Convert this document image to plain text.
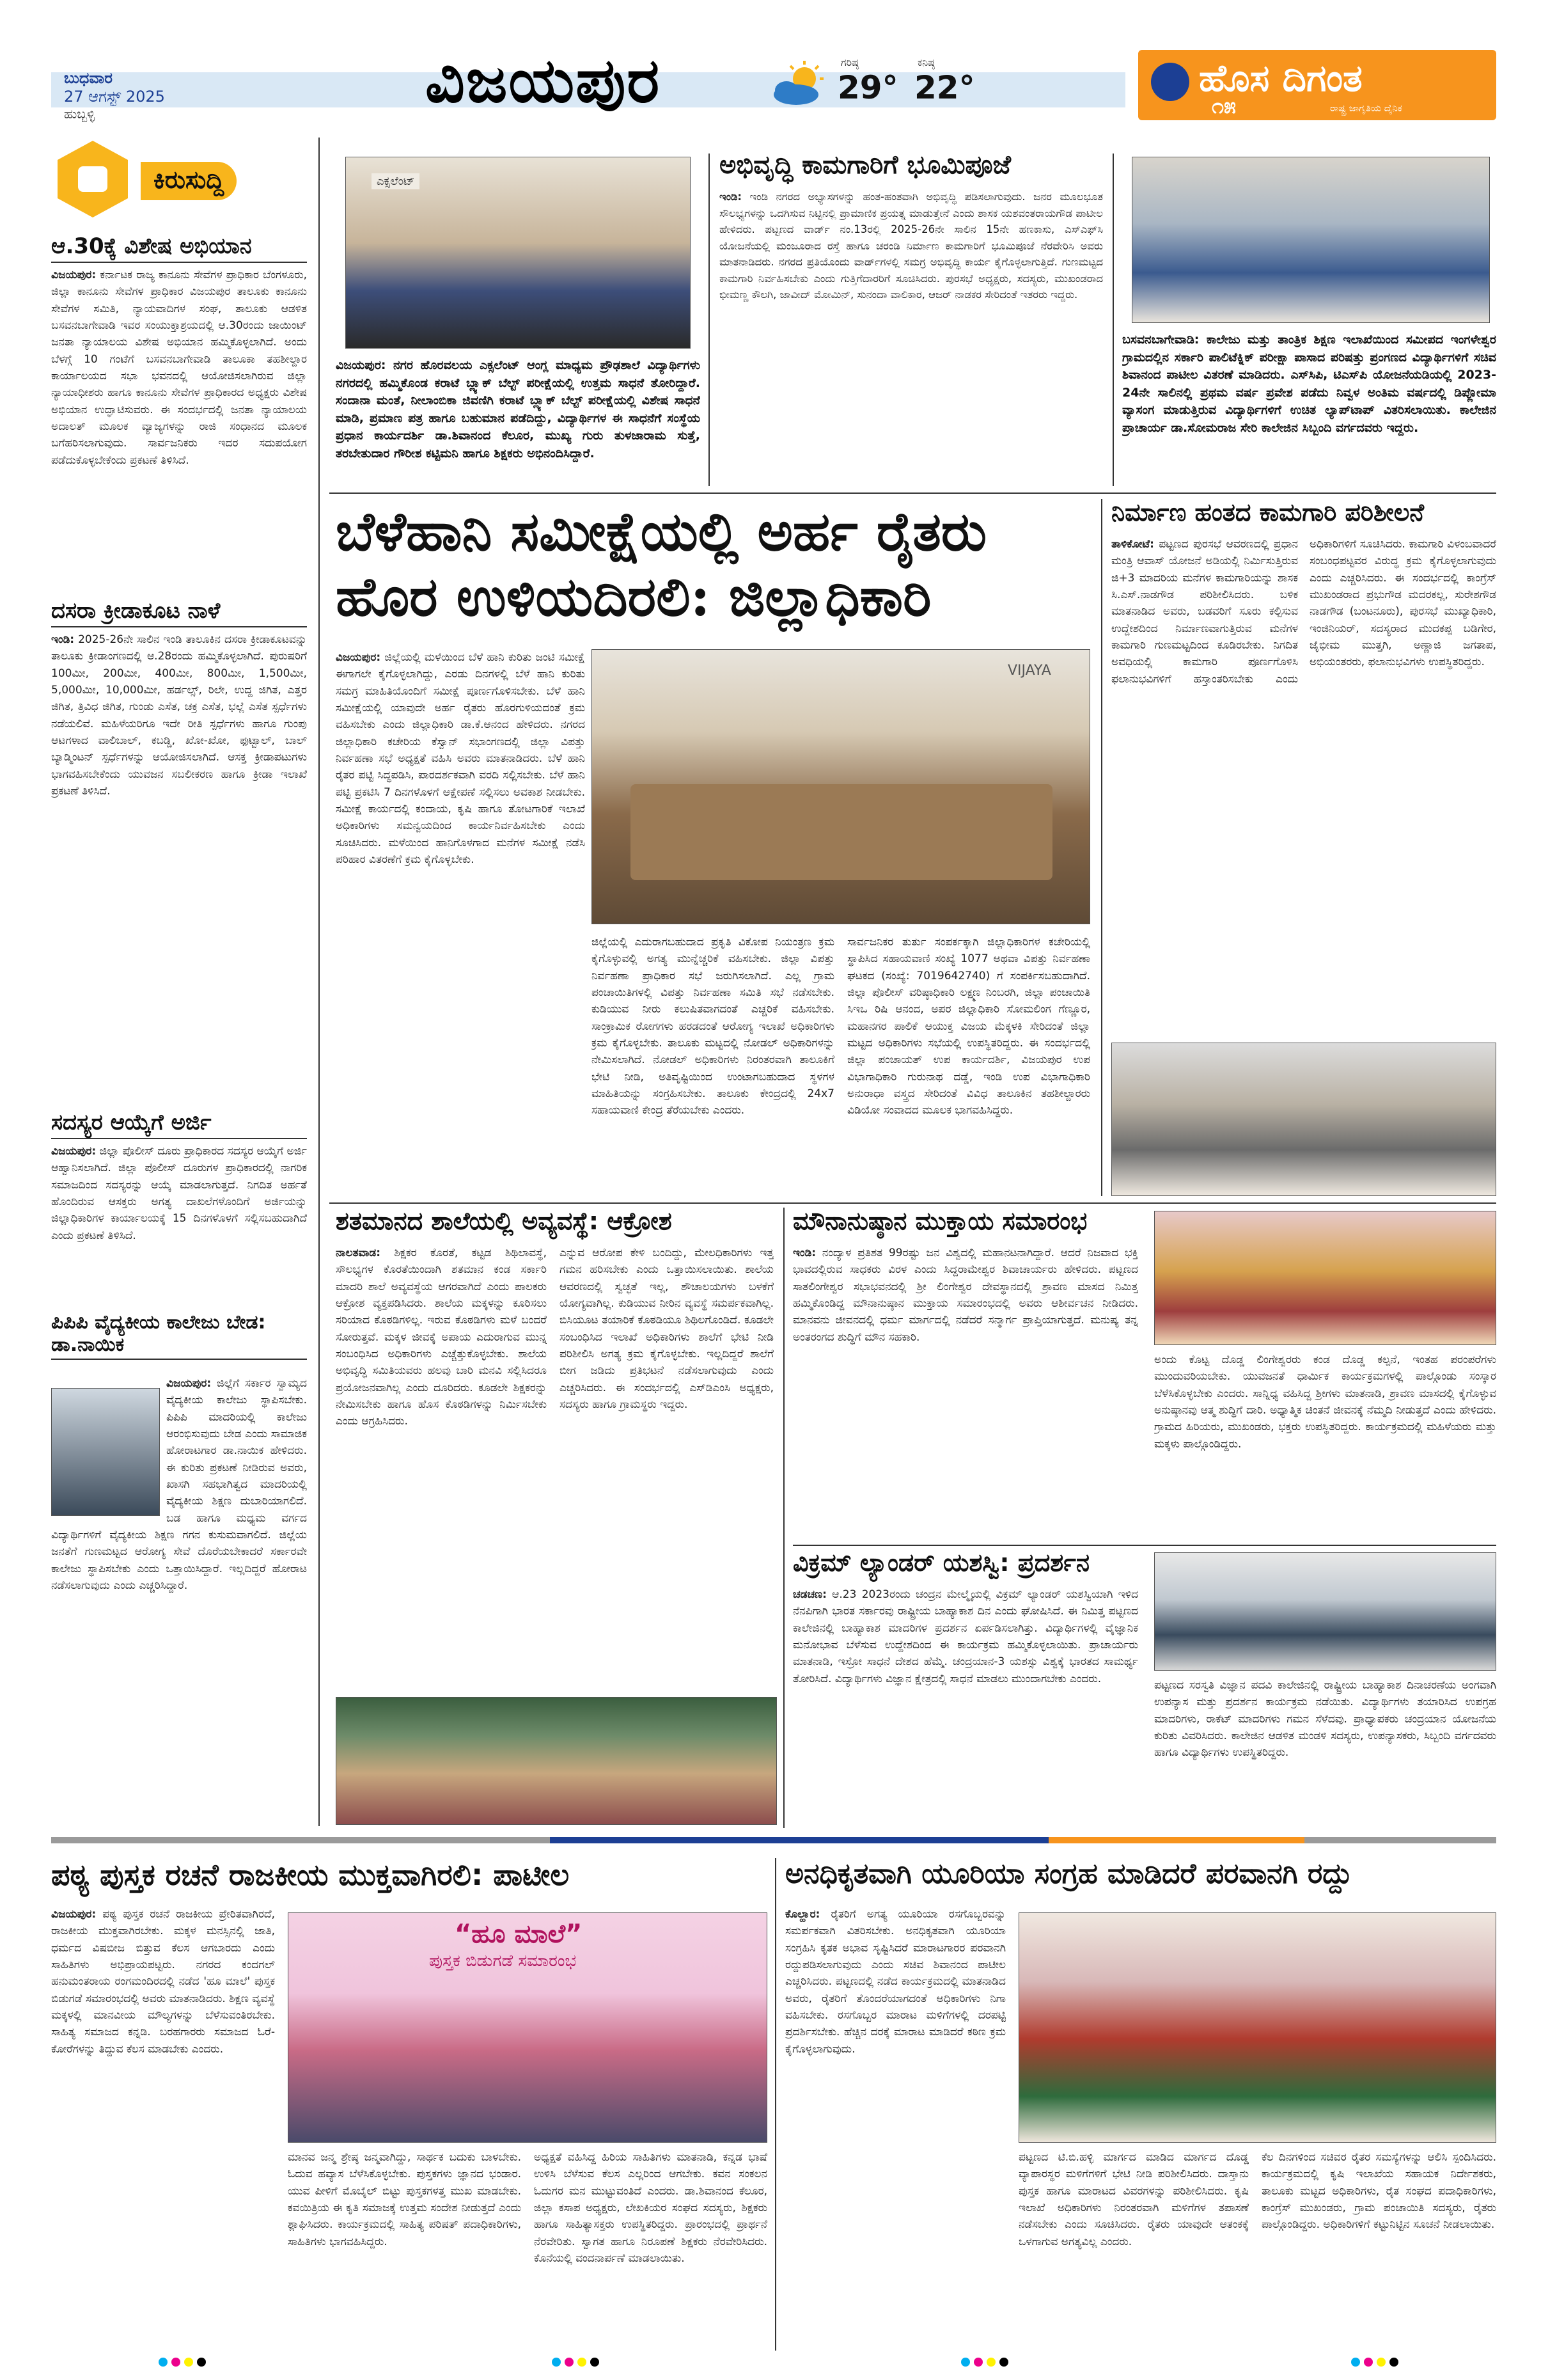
ಬುಧವಾರ
27 ಆಗಸ್ಟ್ 2025
ಹುಬ್ಬಳ್ಳಿ	ವಿಜಯಪುರ	ಗರಿಷ್ಠ
29°
ಕನಿಷ್ಠ
22°	ಹೊಸ ದಿಗಂತ
ರಾಷ್ಟ್ರ ಜಾಗೃತಿಯ ದೈನಿಕ
೧೫
ಕಿರುಸುದ್ದಿ
ಆ.30ಕ್ಕೆ ವಿಶೇಷ ಅಭಿಯಾನ
ವಿಜಯಪುರ: ಕರ್ನಾಟಕ ರಾಜ್ಯ ಕಾನೂನು ಸೇವೆಗಳ ಪ್ರಾಧಿಕಾರ ಬೆಂಗಳೂರು, ಜಿಲ್ಲಾ ಕಾನೂನು ಸೇವೆಗಳ ಪ್ರಾಧಿಕಾರ ವಿಜಯಪುರ ತಾಲೂಕು ಕಾನೂನು ಸೇವೆಗಳ ಸಮಿತಿ, ನ್ಯಾಯವಾದಿಗಳ ಸಂಘ, ತಾಲೂಕು ಆಡಳಿತ ಬಸವನಬಾಗೇವಾಡಿ ಇವರ ಸಂಯುಕ್ತಾಶ್ರಯದಲ್ಲಿ ಆ.30ರಂದು ಜಾಯಿಂಟ್ ಜನತಾ ನ್ಯಾಯಾಲಯ ವಿಶೇಷ ಅಭಿಯಾನ ಹಮ್ಮಿಕೊಳ್ಳಲಾಗಿದೆ. ಅಂದು ಬೆಳಗ್ಗೆ 10 ಗಂಟೆಗೆ ಬಸವನಬಾಗೇವಾಡಿ ತಾಲೂಕಾ ತಹಶೀಲ್ದಾರ ಕಾರ್ಯಾಲಯದ ಸಭಾ ಭವನದಲ್ಲಿ ಆಯೋಜಿಸಲಾಗಿರುವ ಜಿಲ್ಲಾ ನ್ಯಾಯಾಧೀಶರು ಹಾಗೂ ಕಾನೂನು ಸೇವೆಗಳ ಪ್ರಾಧಿಕಾರದ ಅಧ್ಯಕ್ಷರು ವಿಶೇಷ ಅಭಿಯಾನ ಉದ್ಘಾಟಿಸುವರು. ಈ ಸಂದರ್ಭದಲ್ಲಿ ಜನತಾ ನ್ಯಾಯಾಲಯ ಅದಾಲತ್ ಮೂಲಕ ವ್ಯಾಜ್ಯಗಳನ್ನು ರಾಜಿ ಸಂಧಾನದ ಮೂಲಕ ಬಗೆಹರಿಸಲಾಗುವುದು. ಸಾರ್ವಜನಿಕರು ಇದರ ಸದುಪಯೋಗ ಪಡೆದುಕೊಳ್ಳಬೇಕೆಂದು ಪ್ರಕಟಣೆ ತಿಳಿಸಿದೆ.
ದಸರಾ ಕ್ರೀಡಾಕೂಟ ನಾಳೆ
ಇಂಡಿ: 2025-26ನೇ ಸಾಲಿನ ಇಂಡಿ ತಾಲೂಕಿನ ದಸರಾ ಕ್ರೀಡಾಕೂಟವನ್ನು ತಾಲೂಕು ಕ್ರೀಡಾಂಗಣದಲ್ಲಿ ಆ.28ರಂದು ಹಮ್ಮಿಕೊಳ್ಳಲಾಗಿದೆ. ಪುರುಷರಿಗೆ 100ಮೀ, 200ಮೀ, 400ಮೀ, 800ಮೀ, 1,500ಮೀ, 5,000ಮೀ, 10,000ಮೀ, ಹರ್ಡಲ್ಸ್, ರಿಲೇ, ಉದ್ದ ಜಿಗಿತ, ಎತ್ತರ ಜಿಗಿತ, ತ್ರಿವಿಧ ಜಿಗಿತ, ಗುಂಡು ಎಸೆತ, ಚಕ್ರ ಎಸೆತ, ಭಲ್ಲೆ ಎಸೆತ ಸ್ಪರ್ಧೆಗಳು ನಡೆಯಲಿವೆ. ಮಹಿಳೆಯರಿಗೂ ಇದೇ ರೀತಿ ಸ್ಪರ್ಧೆಗಳು ಹಾಗೂ ಗುಂಪು ಆಟಗಳಾದ ವಾಲಿಬಾಲ್, ಕಬಡ್ಡಿ, ಖೋ-ಖೋ, ಫುಟ್ಬಾಲ್, ಬಾಲ್ ಬ್ಯಾಡ್ಮಿಂಟನ್ ಸ್ಪರ್ಧೆಗಳನ್ನು ಆಯೋಜಿಸಲಾಗಿದೆ. ಆಸಕ್ತ ಕ್ರೀಡಾಪಟುಗಳು ಭಾಗವಹಿಸಬೇಕೆಂದು ಯುವಜನ ಸಬಲೀಕರಣ ಹಾಗೂ ಕ್ರೀಡಾ ಇಲಾಖೆ ಪ್ರಕಟಣೆ ತಿಳಿಸಿದೆ.
ಸದಸ್ಯರ ಆಯ್ಕೆಗೆ ಅರ್ಜಿ
ವಿಜಯಪುರ: ಜಿಲ್ಲಾ ಪೊಲೀಸ್ ದೂರು ಪ್ರಾಧಿಕಾರದ ಸದಸ್ಯರ ಆಯ್ಕೆಗೆ ಅರ್ಜಿ ಆಹ್ವಾನಿಸಲಾಗಿದೆ. ಜಿಲ್ಲಾ ಪೊಲೀಸ್ ದೂರುಗಳ ಪ್ರಾಧಿಕಾರದಲ್ಲಿ ನಾಗರಿಕ ಸಮಾಜದಿಂದ ಸದಸ್ಯರನ್ನು ಆಯ್ಕೆ ಮಾಡಲಾಗುತ್ತದೆ. ನಿಗದಿತ ಅರ್ಹತೆ ಹೊಂದಿರುವ ಆಸಕ್ತರು ಅಗತ್ಯ ದಾಖಲೆಗಳೊಂದಿಗೆ ಅರ್ಜಿಯನ್ನು ಜಿಲ್ಲಾಧಿಕಾರಿಗಳ ಕಾರ್ಯಾಲಯಕ್ಕೆ 15 ದಿನಗಳೊಳಗೆ ಸಲ್ಲಿಸಬಹುದಾಗಿದೆ ಎಂದು ಪ್ರಕಟಣೆ ತಿಳಿಸಿದೆ.
ಪಿಪಿಪಿ ವೈದ್ಯಕೀಯ ಕಾಲೇಜು ಬೇಡ: ಡಾ.ನಾಯಿಕ
ವಿಜಯಪುರ: ಜಿಲ್ಲೆಗೆ ಸರ್ಕಾರ ಸ್ವಾಮ್ಯದ ವೈದ್ಯಕೀಯ ಕಾಲೇಜು ಸ್ಥಾಪಿಸಬೇಕು. ಪಿಪಿಪಿ ಮಾದರಿಯಲ್ಲಿ ಕಾಲೇಜು ಆರಂಭಿಸುವುದು ಬೇಡ ಎಂದು ಸಾಮಾಜಿಕ ಹೋರಾಟಗಾರ ಡಾ.ನಾಯಿಕ ಹೇಳಿದರು. ಈ ಕುರಿತು ಪ್ರಕಟಣೆ ನೀಡಿರುವ ಅವರು, ಖಾಸಗಿ ಸಹಭಾಗಿತ್ವದ ಮಾದರಿಯಲ್ಲಿ ವೈದ್ಯಕೀಯ ಶಿಕ್ಷಣ ದುಬಾರಿಯಾಗಲಿದೆ. ಬಡ ಹಾಗೂ ಮಧ್ಯಮ ವರ್ಗದ ವಿದ್ಯಾರ್ಥಿಗಳಿಗೆ ವೈದ್ಯಕೀಯ ಶಿಕ್ಷಣ ಗಗನ ಕುಸುಮವಾಗಲಿದೆ. ಜಿಲ್ಲೆಯ ಜನತೆಗೆ ಗುಣಮಟ್ಟದ ಆರೋಗ್ಯ ಸೇವೆ ದೊರೆಯಬೇಕಾದರೆ ಸರ್ಕಾರವೇ ಕಾಲೇಜು ಸ್ಥಾಪಿಸಬೇಕು ಎಂದು ಒತ್ತಾಯಿಸಿದ್ದಾರೆ. ಇಲ್ಲದಿದ್ದರೆ ಹೋರಾಟ ನಡೆಸಲಾಗುವುದು ಎಂದು ಎಚ್ಚರಿಸಿದ್ದಾರೆ.
ಎಕ್ಸಲೆಂಟ್
ವಿಜಯಪುರ: ನಗರ ಹೊರವಲಯ ಎಕ್ಸಲೆಂಟ್ ಆಂಗ್ಲ ಮಾಧ್ಯಮ ಪ್ರೌಢಶಾಲೆ ವಿದ್ಯಾರ್ಥಿಗಳು ನಗರದಲ್ಲಿ ಹಮ್ಮಿಕೊಂಡ ಕರಾಟೆ ಬ್ಲ್ಯಾಕ್ ಬೆಲ್ಟ್ ಪರೀಕ್ಷೆಯಲ್ಲಿ ಉತ್ತಮ ಸಾಧನೆ ತೋರಿದ್ದಾರೆ. ಸಂದಾನಾ ಮಂತೆ, ನೀಲಾಂಬಿಕಾ ಜಿವಣಿಗಿ ಕರಾಟೆ ಬ್ಲ್ಯಾಕ್ ಬೆಲ್ಟ್ ಪರೀಕ್ಷೆಯಲ್ಲಿ ವಿಶೇಷ ಸಾಧನೆ ಮಾಡಿ, ಪ್ರಮಾಣ ಪತ್ರ ಹಾಗೂ ಬಹುಮಾನ ಪಡೆದಿದ್ದು, ವಿದ್ಯಾರ್ಥಿಗಳ ಈ ಸಾಧನೆಗೆ ಸಂಸ್ಥೆಯ ಪ್ರಧಾನ ಕಾರ್ಯದರ್ಶಿ ಡಾ.ಶಿವಾನಂದ ಕೆಲೂರ, ಮುಖ್ಯ ಗುರು ತುಳಜಾರಾಮ ಸುತ್ತೆ, ತರಬೇತುದಾರ ಗೌರೀಶ ಕಟ್ಟಿಮನಿ ಹಾಗೂ ಶಿಕ್ಷಕರು ಅಭಿನಂದಿಸಿದ್ದಾರೆ.
ಅಭಿವೃದ್ಧಿ ಕಾಮಗಾರಿಗೆ ಭೂಮಿಪೂಜೆ
ಇಂಡಿ: ಇಂಡಿ ನಗರದ ಅಭ್ಯಾಸಗಳನ್ನು ಹಂತ-ಹಂತವಾಗಿ ಅಭಿವೃದ್ಧಿ ಪಡಿಸಲಾಗುವುದು. ಜನರ ಮೂಲಭೂತ ಸೌಲಭ್ಯಗಳನ್ನು ಒದಗಿಸುವ ನಿಟ್ಟಿನಲ್ಲಿ ಪ್ರಾಮಾಣಿಕ ಪ್ರಯತ್ನ ಮಾಡುತ್ತೇನೆ ಎಂದು ಶಾಸಕ ಯಶವಂತರಾಯಗೌಡ ಪಾಟೀಲ ಹೇಳಿದರು. ಪಟ್ಟಣದ ವಾರ್ಡ್ ನಂ.13ರಲ್ಲಿ 2025-26ನೇ ಸಾಲಿನ 15ನೇ ಹಣಕಾಸು, ಎಸ್‌ಎಫ್‌ಸಿ ಯೋಜನೆಯಲ್ಲಿ ಮಂಜೂರಾದ ರಸ್ತೆ ಹಾಗೂ ಚರಂಡಿ ನಿರ್ಮಾಣ ಕಾಮಗಾರಿಗೆ ಭೂಮಿಪೂಜೆ ನೆರವೇರಿಸಿ ಅವರು ಮಾತನಾಡಿದರು. ನಗರದ ಪ್ರತಿಯೊಂದು ವಾರ್ಡ್‌ಗಳಲ್ಲಿ ಸಮಗ್ರ ಅಭಿವೃದ್ಧಿ ಕಾರ್ಯ ಕೈಗೊಳ್ಳಲಾಗುತ್ತಿದೆ. ಗುಣಮಟ್ಟದ ಕಾಮಗಾರಿ ನಿರ್ವಹಿಸಬೇಕು ಎಂದು ಗುತ್ತಿಗೆದಾರರಿಗೆ ಸೂಚಿಸಿದರು. ಪುರಸಭೆ ಅಧ್ಯಕ್ಷರು, ಸದಸ್ಯರು, ಮುಖಂಡರಾದ ಭೀಮಣ್ಣ ಕೌಲಗಿ, ಜಾವೀದ್ ಮೋಮಿನ್, ಸುನಂದಾ ವಾಲಿಕಾರ, ಆಜರ್ ನಾಡಕರ ಸೇರಿದಂತೆ ಇತರರು ಇದ್ದರು.
ಬಸವನಬಾಗೇವಾಡಿ: ಕಾಲೇಜು ಮತ್ತು ತಾಂತ್ರಿಕ ಶಿಕ್ಷಣ ಇಲಾಖೆಯಿಂದ ಸಮೀಪದ ಇಂಗಳೇಶ್ವರ ಗ್ರಾಮದಲ್ಲಿನ ಸರ್ಕಾರಿ ಪಾಲಿಟೆಕ್ನಿಕ್ ಪರೀಕ್ಷಾ ಪಾಸಾದ ಪರಿಷತ್ತು ಪ್ರಂಗಣದ ವಿದ್ಯಾರ್ಥಿಗಳಿಗೆ ಸಚಿವ ಶಿವಾನಂದ ಪಾಟೀಲ ವಿತರಣೆ ಮಾಡಿದರು. ಎಸ್‌ಸಿಪಿ, ಟಿಎಸ್‌ಪಿ ಯೋಜನೆಯಡಿಯಲ್ಲಿ 2023-24ನೇ ಸಾಲಿನಲ್ಲಿ ಪ್ರಥಮ ವರ್ಷ ಪ್ರವೇಶ ಪಡೆದು ನಿವ್ವಳ ಅಂತಿಮ ವರ್ಷದಲ್ಲಿ ಡಿಪ್ಲೋಮಾ ವ್ಯಾಸಂಗ ಮಾಡುತ್ತಿರುವ ವಿದ್ಯಾರ್ಥಿಗಳಿಗೆ ಉಚಿತ ಲ್ಯಾಪ್‌ಟಾಪ್ ವಿತರಿಸಲಾಯಿತು. ಕಾಲೇಜಿನ ಪ್ರಾಚಾರ್ಯ ಡಾ.ಸೋಮರಾಜ ಸೇರಿ ಕಾಲೇಜಿನ ಸಿಬ್ಬಂದಿ ವರ್ಗದವರು ಇದ್ದರು.
ಬೆಳೆಹಾನಿ ಸಮೀಕ್ಷೆಯಲ್ಲಿ ಅರ್ಹ ರೈತರು ಹೊರ ಉಳಿಯದಿರಲಿ: ಜಿಲ್ಲಾಧಿಕಾರಿ
ವಿಜಯಪುರ: ಜಿಲ್ಲೆಯಲ್ಲಿ ಮಳೆಯಿಂದ ಬೆಳೆ ಹಾನಿ ಕುರಿತು ಜಂಟಿ ಸಮೀಕ್ಷೆ ಈಗಾಗಲೇ ಕೈಗೊಳ್ಳಲಾಗಿದ್ದು, ಎರಡು ದಿನಗಳಲ್ಲಿ ಬೆಳೆ ಹಾನಿ ಕುರಿತು ಸಮಗ್ರ ಮಾಹಿತಿಯೊಂದಿಗೆ ಸಮೀಕ್ಷೆ ಪೂರ್ಣಗೊಳಿಸಬೇಕು. ಬೆಳೆ ಹಾನಿ ಸಮೀಕ್ಷೆಯಲ್ಲಿ ಯಾವುದೇ ಅರ್ಹ ರೈತರು ಹೊರಗುಳಿಯದಂತೆ ಕ್ರಮ ವಹಿಸಬೇಕು ಎಂದು ಜಿಲ್ಲಾಧಿಕಾರಿ ಡಾ.ಕೆ.ಆನಂದ ಹೇಳಿದರು. ನಗರದ ಜಿಲ್ಲಾಧಿಕಾರಿ ಕಚೇರಿಯ ಕೆಸ್ವಾನ್ ಸಭಾಂಗಣದಲ್ಲಿ ಜಿಲ್ಲಾ ವಿಪತ್ತು ನಿರ್ವಹಣಾ ಸಭೆ ಅಧ್ಯಕ್ಷತೆ ವಹಿಸಿ ಅವರು ಮಾತನಾಡಿದರು. ಬೆಳೆ ಹಾನಿ ರೈತರ ಪಟ್ಟಿ ಸಿದ್ಧಪಡಿಸಿ, ಪಾರದರ್ಶಕವಾಗಿ ವರದಿ ಸಲ್ಲಿಸಬೇಕು. ಬೆಳೆ ಹಾನಿ ಪಟ್ಟಿ ಪ್ರಕಟಿಸಿ 7 ದಿನಗಳೊಳಗೆ ಆಕ್ಷೇಪಣೆ ಸಲ್ಲಿಸಲು ಅವಕಾಶ ನೀಡಬೇಕು. ಸಮೀಕ್ಷೆ ಕಾರ್ಯದಲ್ಲಿ ಕಂದಾಯ, ಕೃಷಿ ಹಾಗೂ ತೋಟಗಾರಿಕೆ ಇಲಾಖೆ ಅಧಿಕಾರಿಗಳು ಸಮನ್ವಯದಿಂದ ಕಾರ್ಯನಿರ್ವಹಿಸಬೇಕು ಎಂದು ಸೂಚಿಸಿದರು. ಮಳೆಯಿಂದ ಹಾನಿಗೊಳಗಾದ ಮನೆಗಳ ಸಮೀಕ್ಷೆ ನಡೆಸಿ ಪರಿಹಾರ ವಿತರಣೆಗೆ ಕ್ರಮ ಕೈಗೊಳ್ಳಬೇಕು.
VIJAYA
ಜಿಲ್ಲೆಯಲ್ಲಿ ಎದುರಾಗಬಹುದಾದ ಪ್ರಕೃತಿ ವಿಕೋಪ ನಿಯಂತ್ರಣ ಕ್ರಮ ಕೈಗೊಳ್ಳುವಲ್ಲಿ ಅಗತ್ಯ ಮುನ್ನೆಚ್ಚರಿಕೆ ವಹಿಸಬೇಕು. ಜಿಲ್ಲಾ ವಿಪತ್ತು ನಿರ್ವಹಣಾ ಪ್ರಾಧಿಕಾರ ಸಭೆ ಜರುಗಿಸಲಾಗಿದೆ. ಎಲ್ಲ ಗ್ರಾಮ ಪಂಚಾಯಿತಿಗಳಲ್ಲಿ ವಿಪತ್ತು ನಿರ್ವಹಣಾ ಸಮಿತಿ ಸಭೆ ನಡೆಸಬೇಕು. ಕುಡಿಯುವ ನೀರು ಕಲುಷಿತವಾಗದಂತೆ ಎಚ್ಚರಿಕೆ ವಹಿಸಬೇಕು. ಸಾಂಕ್ರಾಮಿಕ ರೋಗಗಳು ಹರಡದಂತೆ ಆರೋಗ್ಯ ಇಲಾಖೆ ಅಧಿಕಾರಿಗಳು ಕ್ರಮ ಕೈಗೊಳ್ಳಬೇಕು. ತಾಲೂಕು ಮಟ್ಟದಲ್ಲಿ ನೋಡಲ್ ಅಧಿಕಾರಿಗಳನ್ನು ನೇಮಿಸಲಾಗಿದೆ. ನೋಡಲ್ ಅಧಿಕಾರಿಗಳು ನಿರಂತರವಾಗಿ ತಾಲೂಕಿಗೆ ಭೇಟಿ ನೀಡಿ, ಅತಿವೃಷ್ಟಿಯಿಂದ ಉಂಟಾಗಬಹುದಾದ ಸ್ಥಳಗಳ ಮಾಹಿತಿಯನ್ನು ಸಂಗ್ರಹಿಸಬೇಕು. ತಾಲೂಕು ಕೇಂದ್ರದಲ್ಲಿ 24x7 ಸಹಾಯವಾಣಿ ಕೇಂದ್ರ ತೆರೆಯಬೇಕು ಎಂದರು.
ಸಾರ್ವಜನಿಕರ ತುರ್ತು ಸಂಪರ್ಕಕ್ಕಾಗಿ ಜಿಲ್ಲಾಧಿಕಾರಿಗಳ ಕಚೇರಿಯಲ್ಲಿ ಸ್ಥಾಪಿಸಿದ ಸಹಾಯವಾಣಿ ಸಂಖ್ಯೆ 1077 ಅಥವಾ ವಿಪತ್ತು ನಿರ್ವಹಣಾ ಘಟಕದ (ಸಂಖ್ಯೆ: 7019642740) ಗೆ ಸಂಪರ್ಕಿಸಬಹುದಾಗಿದೆ. ಜಿಲ್ಲಾ ಪೊಲೀಸ್ ವರಿಷ್ಠಾಧಿಕಾರಿ ಲಕ್ಷ್ಮಣ ನಿಂಬರಗಿ, ಜಿಲ್ಲಾ ಪಂಚಾಯಿತಿ ಸಿಇಒ ರಿಷಿ ಆನಂದ, ಅಪರ ಜಿಲ್ಲಾಧಿಕಾರಿ ಸೋಮಲಿಂಗ ಗೆಣ್ಣೂರ, ಮಹಾನಗರ ಪಾಲಿಕೆ ಆಯುಕ್ತ ವಿಜಯ ಮೆಕ್ಕಳಕಿ ಸೇರಿದಂತೆ ಜಿಲ್ಲಾ ಮಟ್ಟದ ಅಧಿಕಾರಿಗಳು ಸಭೆಯಲ್ಲಿ ಉಪಸ್ಥಿತರಿದ್ದರು. ಈ ಸಂದರ್ಭದಲ್ಲಿ ಜಿಲ್ಲಾ ಪಂಚಾಯತ್ ಉಪ ಕಾರ್ಯದರ್ಶಿ, ವಿಜಯಪುರ ಉಪ ವಿಭಾಗಾಧಿಕಾರಿ ಗುರುನಾಥ ದಡ್ಡೆ, ಇಂಡಿ ಉಪ ವಿಭಾಗಾಧಿಕಾರಿ ಅನುರಾಧಾ ವಸ್ತ್ರದ ಸೇರಿದಂತೆ ವಿವಿಧ ತಾಲೂಕಿನ ತಹಶೀಲ್ದಾರರು ವಿಡಿಯೋ ಸಂವಾದದ ಮೂಲಕ ಭಾಗವಹಿಸಿದ್ದರು.
ನಿರ್ಮಾಣ ಹಂತದ ಕಾಮಗಾರಿ ಪರಿಶೀಲನೆ
ತಾಳಿಕೋಟೆ: ಪಟ್ಟಣದ ಪುರಸಭೆ ಆವರಣದಲ್ಲಿ ಪ್ರಧಾನ ಮಂತ್ರಿ ಆವಾಸ್ ಯೋಜನೆ ಅಡಿಯಲ್ಲಿ ನಿರ್ಮಿಸುತ್ತಿರುವ ಜಿ+3 ಮಾದರಿಯ ಮನೆಗಳ ಕಾಮಗಾರಿಯನ್ನು ಶಾಸಕ ಸಿ.ಎಸ್.ನಾಡಗೌಡ ಪರಿಶೀಲಿಸಿದರು. ಬಳಿಕ ಮಾತನಾಡಿದ ಅವರು, ಬಡವರಿಗೆ ಸೂರು ಕಲ್ಪಿಸುವ ಉದ್ದೇಶದಿಂದ ನಿರ್ಮಾಣವಾಗುತ್ತಿರುವ ಮನೆಗಳ ಕಾಮಗಾರಿ ಗುಣಮಟ್ಟದಿಂದ ಕೂಡಿರಬೇಕು. ನಿಗದಿತ ಅವಧಿಯಲ್ಲಿ ಕಾಮಗಾರಿ ಪೂರ್ಣಗೊಳಿಸಿ ಫಲಾನುಭವಿಗಳಿಗೆ ಹಸ್ತಾಂತರಿಸಬೇಕು ಎಂದು ಅಧಿಕಾರಿಗಳಿಗೆ ಸೂಚಿಸಿದರು. ಕಾಮಗಾರಿ ವಿಳಂಬವಾದರೆ ಸಂಬಂಧಪಟ್ಟವರ ವಿರುದ್ಧ ಕ್ರಮ ಕೈಗೊಳ್ಳಲಾಗುವುದು ಎಂದು ಎಚ್ಚರಿಸಿದರು. ಈ ಸಂದರ್ಭದಲ್ಲಿ ಕಾಂಗ್ರೆಸ್ ಮುಖಂಡರಾದ ಪ್ರಭುಗೌಡ ಮದರಕಲ್ಲ, ಸುರೇಶಗೌಡ ನಾಡಗೌಡ (ಬಂಟನೂರು), ಪುರಸಭೆ ಮುಖ್ಯಾಧಿಕಾರಿ, ಇಂಜಿನಿಯರ್, ಸದಸ್ಯರಾದ ಮುದಕಪ್ಪ ಬಡಿಗೇರ, ಜೈಭೀಮ ಮುತ್ತಗಿ, ಅಣ್ಣಾಜಿ ಜಗತಾಪ, ಅಭಿಯಂತರರು, ಫಲಾನುಭವಿಗಳು ಉಪಸ್ಥಿತರಿದ್ದರು.
ಶತಮಾನದ ಶಾಲೆಯಲ್ಲಿ ಅವ್ಯವಸ್ಥೆ: ಆಕ್ರೋಶ
ನಾಲತವಾಡ: ಶಿಕ್ಷಕರ ಕೊರತೆ, ಕಟ್ಟಡ ಶಿಥಿಲಾವಸ್ಥೆ, ಸೌಲಭ್ಯಗಳ ಕೊರತೆಯಿಂದಾಗಿ ಶತಮಾನ ಕಂಡ ಸರ್ಕಾರಿ ಮಾದರಿ ಶಾಲೆ ಅವ್ಯವಸ್ಥೆಯ ಆಗರವಾಗಿದೆ ಎಂದು ಪಾಲಕರು ಆಕ್ರೋಶ ವ್ಯಕ್ತಪಡಿಸಿದರು. ಶಾಲೆಯ ಮಕ್ಕಳನ್ನು ಕೂರಿಸಲು ಸರಿಯಾದ ಕೊಠಡಿಗಳಿಲ್ಲ. ಇರುವ ಕೊಠಡಿಗಳು ಮಳೆ ಬಂದರೆ ಸೋರುತ್ತವೆ. ಮಕ್ಕಳ ಜೀವಕ್ಕೆ ಅಪಾಯ ಎದುರಾಗುವ ಮುನ್ನ ಸಂಬಂಧಿಸಿದ ಅಧಿಕಾರಿಗಳು ಎಚ್ಚೆತ್ತುಕೊಳ್ಳಬೇಕು. ಶಾಲೆಯ ಅಭಿವೃದ್ಧಿ ಸಮಿತಿಯವರು ಹಲವು ಬಾರಿ ಮನವಿ ಸಲ್ಲಿಸಿದರೂ ಪ್ರಯೋಜನವಾಗಿಲ್ಲ ಎಂದು ದೂರಿದರು. ಕೂಡಲೇ ಶಿಕ್ಷಕರನ್ನು ನೇಮಿಸಬೇಕು ಹಾಗೂ ಹೊಸ ಕೊಠಡಿಗಳನ್ನು ನಿರ್ಮಿಸಬೇಕು ಎಂದು ಆಗ್ರಹಿಸಿದರು.
ಎನ್ನುವ ಆರೋಪ ಕೇಳಿ ಬಂದಿದ್ದು, ಮೇಲಧಿಕಾರಿಗಳು ಇತ್ತ ಗಮನ ಹರಿಸಬೇಕು ಎಂದು ಒತ್ತಾಯಿಸಲಾಯಿತು. ಶಾಲೆಯ ಆವರಣದಲ್ಲಿ ಸ್ವಚ್ಛತೆ ಇಲ್ಲ, ಶೌಚಾಲಯಗಳು ಬಳಕೆಗೆ ಯೋಗ್ಯವಾಗಿಲ್ಲ. ಕುಡಿಯುವ ನೀರಿನ ವ್ಯವಸ್ಥೆ ಸಮರ್ಪಕವಾಗಿಲ್ಲ. ಬಿಸಿಯೂಟ ತಯಾರಿಕೆ ಕೊಠಡಿಯೂ ಶಿಥಿಲಗೊಂಡಿದೆ. ಕೂಡಲೇ ಸಂಬಂಧಿಸಿದ ಇಲಾಖೆ ಅಧಿಕಾರಿಗಳು ಶಾಲೆಗೆ ಭೇಟಿ ನೀಡಿ ಪರಿಶೀಲಿಸಿ ಅಗತ್ಯ ಕ್ರಮ ಕೈಗೊಳ್ಳಬೇಕು. ಇಲ್ಲದಿದ್ದರೆ ಶಾಲೆಗೆ ಬೀಗ ಜಡಿದು ಪ್ರತಿಭಟನೆ ನಡೆಸಲಾಗುವುದು ಎಂದು ಎಚ್ಚರಿಸಿದರು. ಈ ಸಂದರ್ಭದಲ್ಲಿ ಎಸ್‌ಡಿಎಂಸಿ ಅಧ್ಯಕ್ಷರು, ಸದಸ್ಯರು ಹಾಗೂ ಗ್ರಾಮಸ್ಥರು ಇದ್ದರು.
ಮೌನಾನುಷ್ಠಾನ ಮುಕ್ತಾಯ ಸಮಾರಂಭ
ಇಂಡಿ: ನಂದ್ಯಾಳ ಪ್ರತಿಶತ 99ರಷ್ಟು ಜನ ವಿಶ್ವದಲ್ಲಿ ಮಹಾನಟನಾಗಿದ್ದಾರೆ. ಆದರೆ ನಿಜವಾದ ಭಕ್ತಿ ಭಾವದಲ್ಲಿರುವ ಸಾಧಕರು ವಿರಳ ಎಂದು ಸಿದ್ದರಾಮೇಶ್ವರ ಶಿವಾಚಾರ್ಯರು ಹೇಳಿದರು. ಪಟ್ಟಣದ ಸಾತಲಿಂಗೇಶ್ವರ ಸಭಾಭವನದಲ್ಲಿ ಶ್ರೀ ಲಿಂಗೇಶ್ವರ ದೇವಸ್ಥಾನದಲ್ಲಿ ಶ್ರಾವಣ ಮಾಸದ ನಿಮಿತ್ತ ಹಮ್ಮಿಕೊಂಡಿದ್ದ ಮೌನಾನುಷ್ಠಾನ ಮುಕ್ತಾಯ ಸಮಾರಂಭದಲ್ಲಿ ಅವರು ಆಶೀರ್ವಚನ ನೀಡಿದರು. ಮಾನವನು ಜೀವನದಲ್ಲಿ ಧರ್ಮ ಮಾರ್ಗದಲ್ಲಿ ನಡೆದರೆ ಸನ್ಮಾರ್ಗ ಪ್ರಾಪ್ತಿಯಾಗುತ್ತದೆ. ಮನುಷ್ಯ ತನ್ನ ಅಂತರಂಗದ ಶುದ್ಧಿಗೆ ಮೌನ ಸಹಕಾರಿ.
ಅಂದು ಕೊಟ್ಟ ದೊಡ್ಡ ಲಿಂಗೇಶ್ವರರು ಕಂಡ ದೊಡ್ಡ ಕಲ್ಪನೆ, ಇಂತಹ ಪರಂಪರೆಗಳು ಮುಂದುವರಿಯಬೇಕು. ಯುವಜನತೆ ಧಾರ್ಮಿಕ ಕಾರ್ಯಕ್ರಮಗಳಲ್ಲಿ ಪಾಲ್ಗೊಂಡು ಸಂಸ್ಕಾರ ಬೆಳೆಸಿಕೊಳ್ಳಬೇಕು ಎಂದರು. ಸಾನ್ನಿಧ್ಯ ವಹಿಸಿದ್ದ ಶ್ರೀಗಳು ಮಾತನಾಡಿ, ಶ್ರಾವಣ ಮಾಸದಲ್ಲಿ ಕೈಗೊಳ್ಳುವ ಅನುಷ್ಠಾನವು ಆತ್ಮ ಶುದ್ಧಿಗೆ ದಾರಿ. ಅಧ್ಯಾತ್ಮಿಕ ಚಿಂತನೆ ಜೀವನಕ್ಕೆ ನೆಮ್ಮದಿ ನೀಡುತ್ತದೆ ಎಂದು ಹೇಳಿದರು. ಗ್ರಾಮದ ಹಿರಿಯರು, ಮುಖಂಡರು, ಭಕ್ತರು ಉಪಸ್ಥಿತರಿದ್ದರು. ಕಾರ್ಯಕ್ರಮದಲ್ಲಿ ಮಹಿಳೆಯರು ಮತ್ತು ಮಕ್ಕಳು ಪಾಲ್ಗೊಂಡಿದ್ದರು.
ವಿಕ್ರಮ್ ಲ್ಯಾಂಡರ್ ಯಶಸ್ವಿ: ಪ್ರದರ್ಶನ
ಚಡಚಣ: ಆ.23 2023ರಂದು ಚಂದ್ರನ ಮೇಲ್ಮೈಯಲ್ಲಿ ವಿಕ್ರಮ್ ಲ್ಯಾಂಡರ್ ಯಶಸ್ವಿಯಾಗಿ ಇಳಿದ ನೆನಪಿಗಾಗಿ ಭಾರತ ಸರ್ಕಾರವು ರಾಷ್ಟ್ರೀಯ ಬಾಹ್ಯಾಕಾಶ ದಿನ ಎಂದು ಘೋಷಿಸಿದೆ. ಈ ನಿಮಿತ್ತ ಪಟ್ಟಣದ ಕಾಲೇಜಿನಲ್ಲಿ ಬಾಹ್ಯಾಕಾಶ ಮಾದರಿಗಳ ಪ್ರದರ್ಶನ ಏರ್ಪಡಿಸಲಾಗಿತ್ತು. ವಿದ್ಯಾರ್ಥಿಗಳಲ್ಲಿ ವೈಜ್ಞಾನಿಕ ಮನೋಭಾವ ಬೆಳೆಸುವ ಉದ್ದೇಶದಿಂದ ಈ ಕಾರ್ಯಕ್ರಮ ಹಮ್ಮಿಕೊಳ್ಳಲಾಯಿತು. ಪ್ರಾಚಾರ್ಯರು ಮಾತನಾಡಿ, ಇಸ್ರೋ ಸಾಧನೆ ದೇಶದ ಹೆಮ್ಮೆ. ಚಂದ್ರಯಾನ-3 ಯಶಸ್ಸು ವಿಶ್ವಕ್ಕೆ ಭಾರತದ ಸಾಮರ್ಥ್ಯ ತೋರಿಸಿದೆ. ವಿದ್ಯಾರ್ಥಿಗಳು ವಿಜ್ಞಾನ ಕ್ಷೇತ್ರದಲ್ಲಿ ಸಾಧನೆ ಮಾಡಲು ಮುಂದಾಗಬೇಕು ಎಂದರು.
ಪಟ್ಟಣದ ಸರಸ್ವತಿ ವಿಜ್ಞಾನ ಪದವಿ ಕಾಲೇಜಿನಲ್ಲಿ ರಾಷ್ಟ್ರೀಯ ಬಾಹ್ಯಾಕಾಶ ದಿನಾಚರಣೆಯ ಅಂಗವಾಗಿ ಉಪನ್ಯಾಸ ಮತ್ತು ಪ್ರದರ್ಶನ ಕಾರ್ಯಕ್ರಮ ನಡೆಯಿತು. ವಿದ್ಯಾರ್ಥಿಗಳು ತಯಾರಿಸಿದ ಉಪಗ್ರಹ ಮಾದರಿಗಳು, ರಾಕೆಟ್ ಮಾದರಿಗಳು ಗಮನ ಸೆಳೆದವು. ಪ್ರಾಧ್ಯಾಪಕರು ಚಂದ್ರಯಾನ ಯೋಜನೆಯ ಕುರಿತು ವಿವರಿಸಿದರು. ಕಾಲೇಜಿನ ಆಡಳಿತ ಮಂಡಳಿ ಸದಸ್ಯರು, ಉಪನ್ಯಾಸಕರು, ಸಿಬ್ಬಂದಿ ವರ್ಗದವರು ಹಾಗೂ ವಿದ್ಯಾರ್ಥಿಗಳು ಉಪಸ್ಥಿತರಿದ್ದರು.
ಪಠ್ಯ ಪುಸ್ತಕ ರಚನೆ ರಾಜಕೀಯ ಮುಕ್ತವಾಗಿರಲಿ: ಪಾಟೀಲ
ವಿಜಯಪುರ: ಪಠ್ಯ ಪುಸ್ತಕ ರಚನೆ ರಾಜಕೀಯ ಪ್ರೇರಿತವಾಗಿರದೆ, ರಾಜಕೀಯ ಮುಕ್ತವಾಗಿರಬೇಕು. ಮಕ್ಕಳ ಮನಸ್ಸಿನಲ್ಲಿ ಜಾತಿ, ಧರ್ಮದ ವಿಷಬೀಜ ಬಿತ್ತುವ ಕೆಲಸ ಆಗಬಾರದು ಎಂದು ಸಾಹಿತಿಗಳು ಅಭಿಪ್ರಾಯಪಟ್ಟರು. ನಗರದ ಕಂದಗಲ್ ಹನುಮಂತರಾಯ ರಂಗಮಂದಿರದಲ್ಲಿ ನಡೆದ 'ಹೂ ಮಾಲೆ' ಪುಸ್ತಕ ಬಿಡುಗಡೆ ಸಮಾರಂಭದಲ್ಲಿ ಅವರು ಮಾತನಾಡಿದರು. ಶಿಕ್ಷಣ ವ್ಯವಸ್ಥೆ ಮಕ್ಕಳಲ್ಲಿ ಮಾನವೀಯ ಮೌಲ್ಯಗಳನ್ನು ಬೆಳೆಸುವಂತಿರಬೇಕು. ಸಾಹಿತ್ಯ ಸಮಾಜದ ಕನ್ನಡಿ. ಬರಹಗಾರರು ಸಮಾಜದ ಓರೆ-ಕೋರೆಗಳನ್ನು ತಿದ್ದುವ ಕೆಲಸ ಮಾಡಬೇಕು ಎಂದರು.
“ಹೂ ಮಾಲೆ”
ಪುಸ್ತಕ ಬಿಡುಗಡೆ ಸಮಾರಂಭ
ಮಾನವ ಜನ್ಮ ಶ್ರೇಷ್ಠ ಜನ್ಮವಾಗಿದ್ದು, ಸಾರ್ಥಕ ಬದುಕು ಬಾಳಬೇಕು. ಓದುವ ಹವ್ಯಾಸ ಬೆಳೆಸಿಕೊಳ್ಳಬೇಕು. ಪುಸ್ತಕಗಳು ಜ್ಞಾನದ ಭಂಡಾರ. ಯುವ ಪೀಳಿಗೆ ಮೊಬೈಲ್ ಬಿಟ್ಟು ಪುಸ್ತಕಗಳತ್ತ ಮುಖ ಮಾಡಬೇಕು. ಕವಯಿತ್ರಿಯ ಈ ಕೃತಿ ಸಮಾಜಕ್ಕೆ ಉತ್ತಮ ಸಂದೇಶ ನೀಡುತ್ತದೆ ಎಂದು ಶ್ಲಾಘಿಸಿದರು. ಕಾರ್ಯಕ್ರಮದಲ್ಲಿ ಸಾಹಿತ್ಯ ಪರಿಷತ್ ಪದಾಧಿಕಾರಿಗಳು, ಸಾಹಿತಿಗಳು ಭಾಗವಹಿಸಿದ್ದರು.
ಅಧ್ಯಕ್ಷತೆ ವಹಿಸಿದ್ದ ಹಿರಿಯ ಸಾಹಿತಿಗಳು ಮಾತನಾಡಿ, ಕನ್ನಡ ಭಾಷೆ ಉಳಿಸಿ ಬೆಳೆಸುವ ಕೆಲಸ ಎಲ್ಲರಿಂದ ಆಗಬೇಕು. ಕವನ ಸಂಕಲನ ಓದುಗರ ಮನ ಮುಟ್ಟುವಂತಿದೆ ಎಂದರು. ಡಾ.ಶಿವಾನಂದ ಕೆಲೂರ, ಜಿಲ್ಲಾ ಕಸಾಪ ಅಧ್ಯಕ್ಷರು, ಲೇಖಕಿಯರ ಸಂಘದ ಸದಸ್ಯರು, ಶಿಕ್ಷಕರು ಹಾಗೂ ಸಾಹಿತ್ಯಾಸಕ್ತರು ಉಪಸ್ಥಿತರಿದ್ದರು. ಪ್ರಾರಂಭದಲ್ಲಿ ಪ್ರಾರ್ಥನೆ ನೆರವೇರಿತು. ಸ್ವಾಗತ ಹಾಗೂ ನಿರೂಪಣೆ ಶಿಕ್ಷಕರು ನೆರವೇರಿಸಿದರು. ಕೊನೆಯಲ್ಲಿ ವಂದನಾರ್ಪಣೆ ಮಾಡಲಾಯಿತು.
ಅನಧಿಕೃತವಾಗಿ ಯೂರಿಯಾ ಸಂಗ್ರಹ ಮಾಡಿದರೆ ಪರವಾನಗಿ ರದ್ದು
ಕೊಲ್ಹಾರ: ರೈತರಿಗೆ ಅಗತ್ಯ ಯೂರಿಯಾ ರಸಗೊಬ್ಬರವನ್ನು ಸಮರ್ಪಕವಾಗಿ ವಿತರಿಸಬೇಕು. ಅನಧಿಕೃತವಾಗಿ ಯೂರಿಯಾ ಸಂಗ್ರಹಿಸಿ ಕೃತಕ ಅಭಾವ ಸೃಷ್ಟಿಸಿದರೆ ಮಾರಾಟಗಾರರ ಪರವಾನಗಿ ರದ್ದುಪಡಿಸಲಾಗುವುದು ಎಂದು ಸಚಿವ ಶಿವಾನಂದ ಪಾಟೀಲ ಎಚ್ಚರಿಸಿದರು. ಪಟ್ಟಣದಲ್ಲಿ ನಡೆದ ಕಾರ್ಯಕ್ರಮದಲ್ಲಿ ಮಾತನಾಡಿದ ಅವರು, ರೈತರಿಗೆ ತೊಂದರೆಯಾಗದಂತೆ ಅಧಿಕಾರಿಗಳು ನಿಗಾ ವಹಿಸಬೇಕು. ರಸಗೊಬ್ಬರ ಮಾರಾಟ ಮಳಿಗೆಗಳಲ್ಲಿ ದರಪಟ್ಟಿ ಪ್ರದರ್ಶಿಸಬೇಕು. ಹೆಚ್ಚಿನ ದರಕ್ಕೆ ಮಾರಾಟ ಮಾಡಿದರೆ ಕಠಿಣ ಕ್ರಮ ಕೈಗೊಳ್ಳಲಾಗುವುದು.
ಪಟ್ಟಣದ ಟಿ.ಬಿ.ಹಳ್ಳಿ ಮಾರ್ಗದ ಮಾಡಿದ ಮಾರ್ಗದ ದೊಡ್ಡ ವ್ಯಾಪಾರಸ್ಥರ ಮಳಿಗೆಗಳಿಗೆ ಭೇಟಿ ನೀಡಿ ಪರಿಶೀಲಿಸಿದರು. ದಾಸ್ತಾನು ಪುಸ್ತಕ ಹಾಗೂ ಮಾರಾಟದ ವಿವರಗಳನ್ನು ಪರಿಶೀಲಿಸಿದರು. ಕೃಷಿ ಇಲಾಖೆ ಅಧಿಕಾರಿಗಳು ನಿರಂತರವಾಗಿ ಮಳಿಗೆಗಳ ತಪಾಸಣೆ ನಡೆಸಬೇಕು ಎಂದು ಸೂಚಿಸಿದರು. ರೈತರು ಯಾವುದೇ ಆತಂಕಕ್ಕೆ ಒಳಗಾಗುವ ಅಗತ್ಯವಿಲ್ಲ ಎಂದರು.
ಕೆಲ ದಿನಗಳಿಂದ ಸಚಿವರ ರೈತರ ಸಮಸ್ಯೆಗಳನ್ನು ಆಲಿಸಿ ಸ್ಪಂದಿಸಿದರು. ಕಾರ್ಯಕ್ರಮದಲ್ಲಿ ಕೃಷಿ ಇಲಾಖೆಯ ಸಹಾಯಕ ನಿರ್ದೇಶಕರು, ತಾಲೂಕು ಮಟ್ಟದ ಅಧಿಕಾರಿಗಳು, ರೈತ ಸಂಘದ ಪದಾಧಿಕಾರಿಗಳು, ಕಾಂಗ್ರೆಸ್ ಮುಖಂಡರು, ಗ್ರಾಮ ಪಂಚಾಯಿತಿ ಸದಸ್ಯರು, ರೈತರು ಪಾಲ್ಗೊಂಡಿದ್ದರು. ಅಧಿಕಾರಿಗಳಿಗೆ ಕಟ್ಟುನಿಟ್ಟಿನ ಸೂಚನೆ ನೀಡಲಾಯಿತು.
